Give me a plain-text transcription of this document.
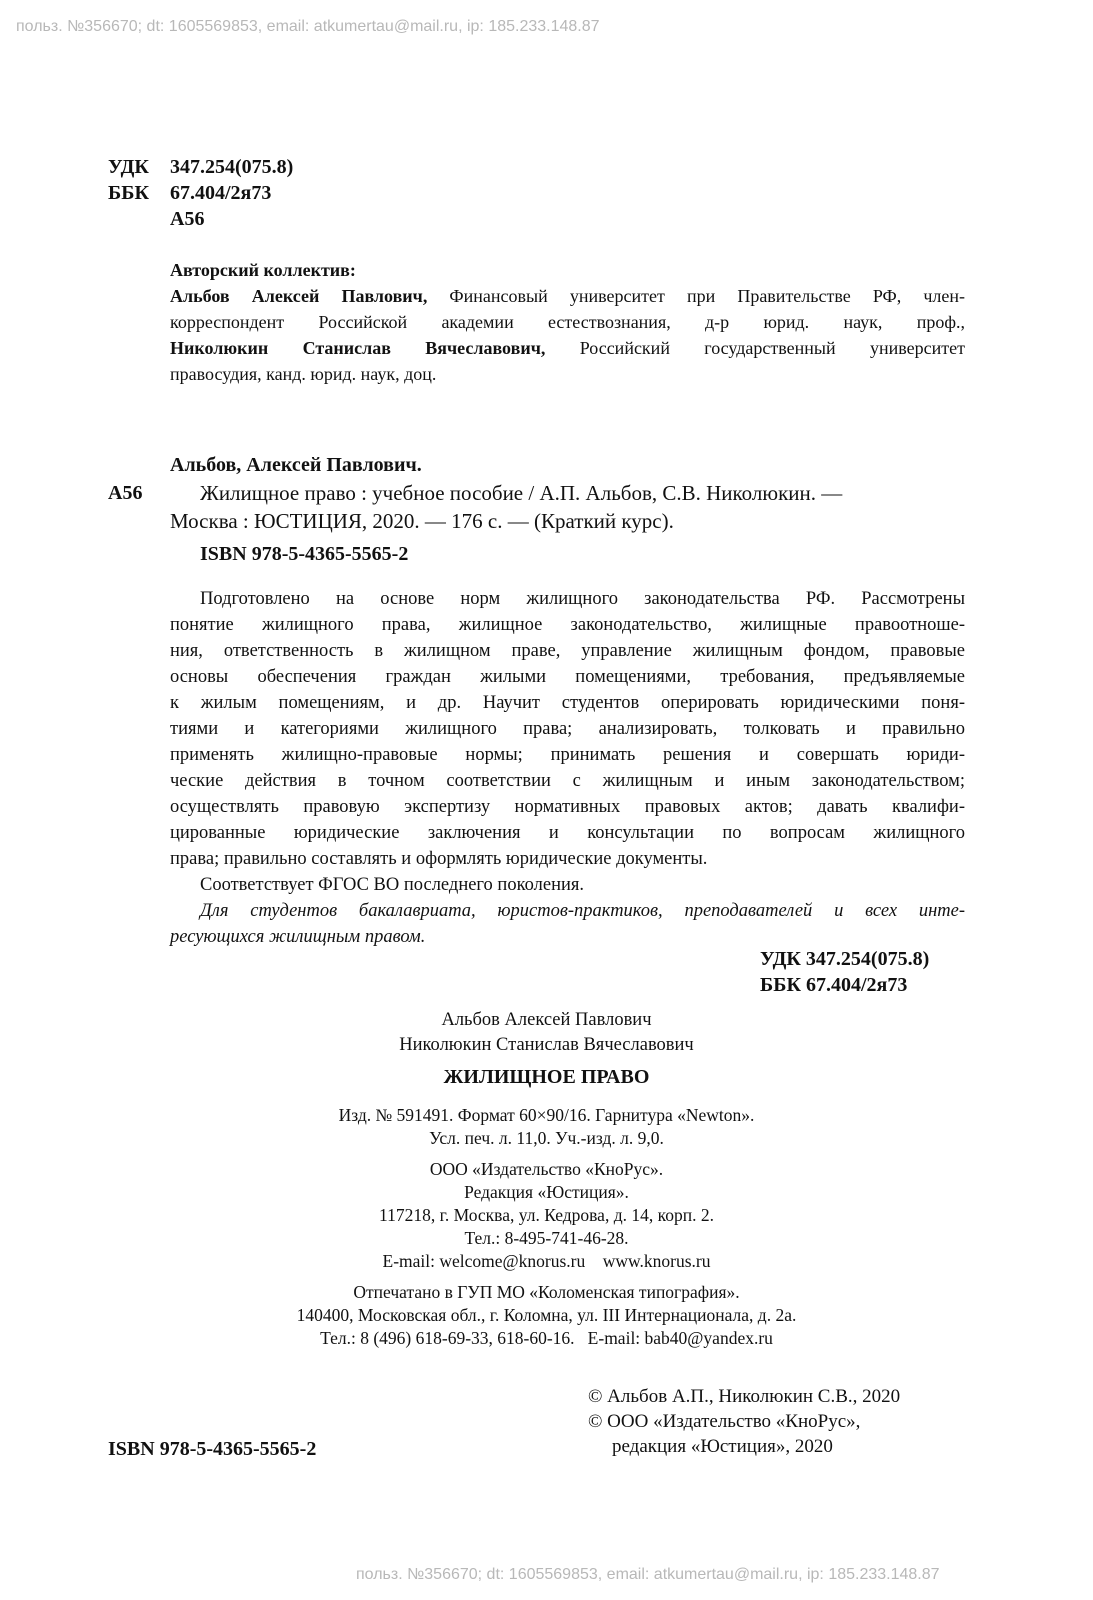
польз. №356670; dt: 1605569853, email: atkumertau@mail.ru, ip: 185.233.148.87
польз. №356670; dt: 1605569853, email: atkumertau@mail.ru, ip: 185.233.148.87
УДК 347.254(075.8)
ББК 67.404/2я73
А56

Авторский коллектив:

Альбов Алексей Павлович, Финансовый университет при Правительстве РФ, член-

корреспондент Российской академии естествознания, д-р юрид. наук, проф.,

Николюкин Станислав Вячеславович, Российский государственный университет

правосудия, канд. юрид. наук, доц.

Альбов, Алексей Павлович.
А56	Жилищное право : учебное пособие / А.П. Альбов, С.В. Николюкин. —
Москва : ЮСТИЦИЯ, 2020. — 176 с. — (Краткий курс).
ISBN 978-5-4365-5565-2

Подготовлено на основе норм жилищного законодательства РФ. Рассмотрены

понятие жилищного права, жилищное законодательство, жилищные правоотноше-

ния, ответственность в жилищном праве, управление жилищным фондом, правовые

основы обеспечения граждан жилыми помещениями, требования, предъявляемые

к жилым помещениям, и др. Научит студентов оперировать юридическими поня-

тиями и категориями жилищного права; анализировать, толковать и правильно

применять жилищно-правовые нормы; принимать решения и совершать юриди-

ческие действия в точном соответствии с жилищным и иным законодательством;

осуществлять правовую экспертизу нормативных правовых актов; давать квалифи-

цированные юридические заключения и консультации по вопросам жилищного

права; правильно составлять и оформлять юридические документы.

Соответствует ФГОС ВО последнего поколения.

Для студентов бакалавриата, юристов-практиков, преподавателей и всех инте-

ресующихся жилищным правом.

УДК 347.254(075.8)
ББК 67.404/2я73
Альбов Алексей Павлович
Николюкин Станислав Вячеславович
ЖИЛИЩНОЕ ПРАВО
Изд. № 591491. Формат 60×90/16. Гарнитура «Newton».
Усл. печ. л. 11,0. Уч.-изд. л. 9,0.
ООО «Издательство «КноРус».
Редакция «Юстиция».
117218, г. Москва, ул. Кедрова, д. 14, корп. 2.
Тел.: 8-495-741-46-28.
E-mail: welcome@knorus.ru    www.knorus.ru
Отпечатано в ГУП МО «Коломенская типография».
140400, Московская обл., г. Коломна, ул. III Интернационала, д. 2а.
Тел.: 8 (496) 618-69-33, 618-60-16.   E-mail: bab40@yandex.ru
© Альбов А.П., Николюкин С.В., 2020
© ООО «Издательство «КноРус»,
редакция «Юстиция», 2020
ISBN 978-5-4365-5565-2
